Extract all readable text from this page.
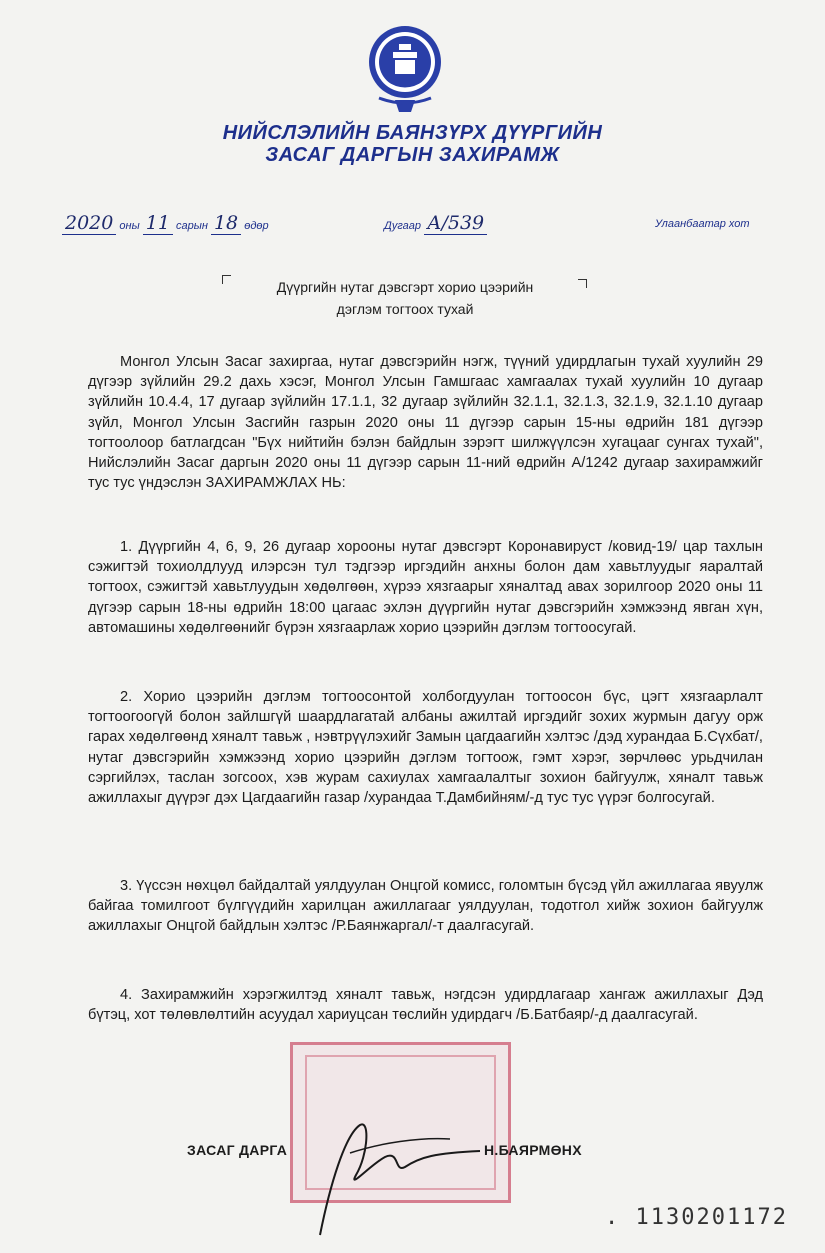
НИЙСЛЭЛИЙН БАЯНЗҮРХ ДҮҮРГИЙН
ЗАСАГ ДАРГЫН ЗАХИРАМЖ
2020 оны 11 сарын 18 өдөр	Дугаар А/539	Улаанбаатар хот
Дүүргийн нутаг дэвсгэрт хорио цээрийн
дэглэм тогтоох тухай

Монгол Улсын Засаг захиргаа, нутаг дэвсгэрийн нэгж, түүний удирдлагын тухай хуулийн 29 дүгээр зүйлийн 29.2 дахь хэсэг, Монгол Улсын Гамшгаас хамгаалах тухай хуулийн 10 дугаар зүйлийн 10.4.4, 17 дугаар зүйлийн 17.1.1, 32 дугаар зүйлийн 32.1.1, 32.1.3, 32.1.9, 32.1.10 дугаар зүйл, Монгол Улсын Засгийн газрын 2020 оны 11 дүгээр сарын 15-ны өдрийн 181 дүгээр тогтоолоор батлагдсан "Бүх нийтийн бэлэн байдлын зэрэгт шилжүүлсэн хугацааг сунгах тухай", Нийслэлийн Засаг даргын 2020 оны 11 дүгээр сарын 11-ний өдрийн А/1242 дугаар захирамжийг тус тус үндэслэн ЗАХИРАМЖЛАХ НЬ:

1. Дүүргийн 4, 6, 9, 26 дугаар хорооны нутаг дэвсгэрт Коронавируст /ковид-19/ цар тахлын сэжигтэй тохиолдлууд илэрсэн тул тэдгээр иргэдийн анхны болон дам хавьтлуудыг яаралтай тогтоох, сэжигтэй хавьтлуудын хөдөлгөөн, хүрээ хязгаарыг хяналтад авах зорилгоор 2020 оны 11 дүгээр сарын 18-ны өдрийн 18:00 цагаас эхлэн дүүргийн нутаг дэвсгэрийн хэмжээнд явган хүн, автомашины хөдөлгөөнийг бүрэн хязгаарлаж хорио цээрийн дэглэм тогтоосугай.

2. Хорио цээрийн дэглэм тогтоосонтой холбогдуулан тогтоосон бүс, цэгт хязгаарлалт тогтоогоогүй болон зайлшгүй шаардлагатай албаны ажилтай иргэдийг зохих журмын дагуу орж гарах хөдөлгөөнд хяналт тавьж , нэвтрүүлэхийг Замын цагдаагийн хэлтэс /дэд хурандаа Б.Сүхбат/, нутаг дэвсгэрийн хэмжээнд хорио цээрийн дэглэм тогтоож, гэмт хэрэг, зөрчлөөс урьдчилан сэргийлэх, таслан зогсоох, хэв журам сахиулах хамгаалалтыг зохион байгуулж, хяналт тавьж ажиллахыг дүүрэг дэх Цагдаагийн газар /хурандаа Т.Дамбийням/-д тус тус үүрэг болгосугай.

3. Үүссэн нөхцөл байдалтай уялдуулан Онцгой комисс, голомтын бүсэд үйл ажиллагаа явуулж байгаа томилгоот бүлгүүдийн харилцан ажиллагааг уялдуулан, тодотгол хийж зохион байгуулж ажиллахыг Онцгой байдлын хэлтэс /Р.Баянжаргал/-т даалгасугай.

4. Захирамжийн хэрэгжилтэд хяналт тавьж, нэгдсэн удирдлагаар хангаж ажиллахыг Дэд бүтэц, хот төлөвлөлтийн асуудал хариуцсан төслийн удирдагч /Б.Батбаяр/-д даалгасугай.

ЗАСАГ ДАРГА	Н.БАЯРМӨНХ
. 1130201172
